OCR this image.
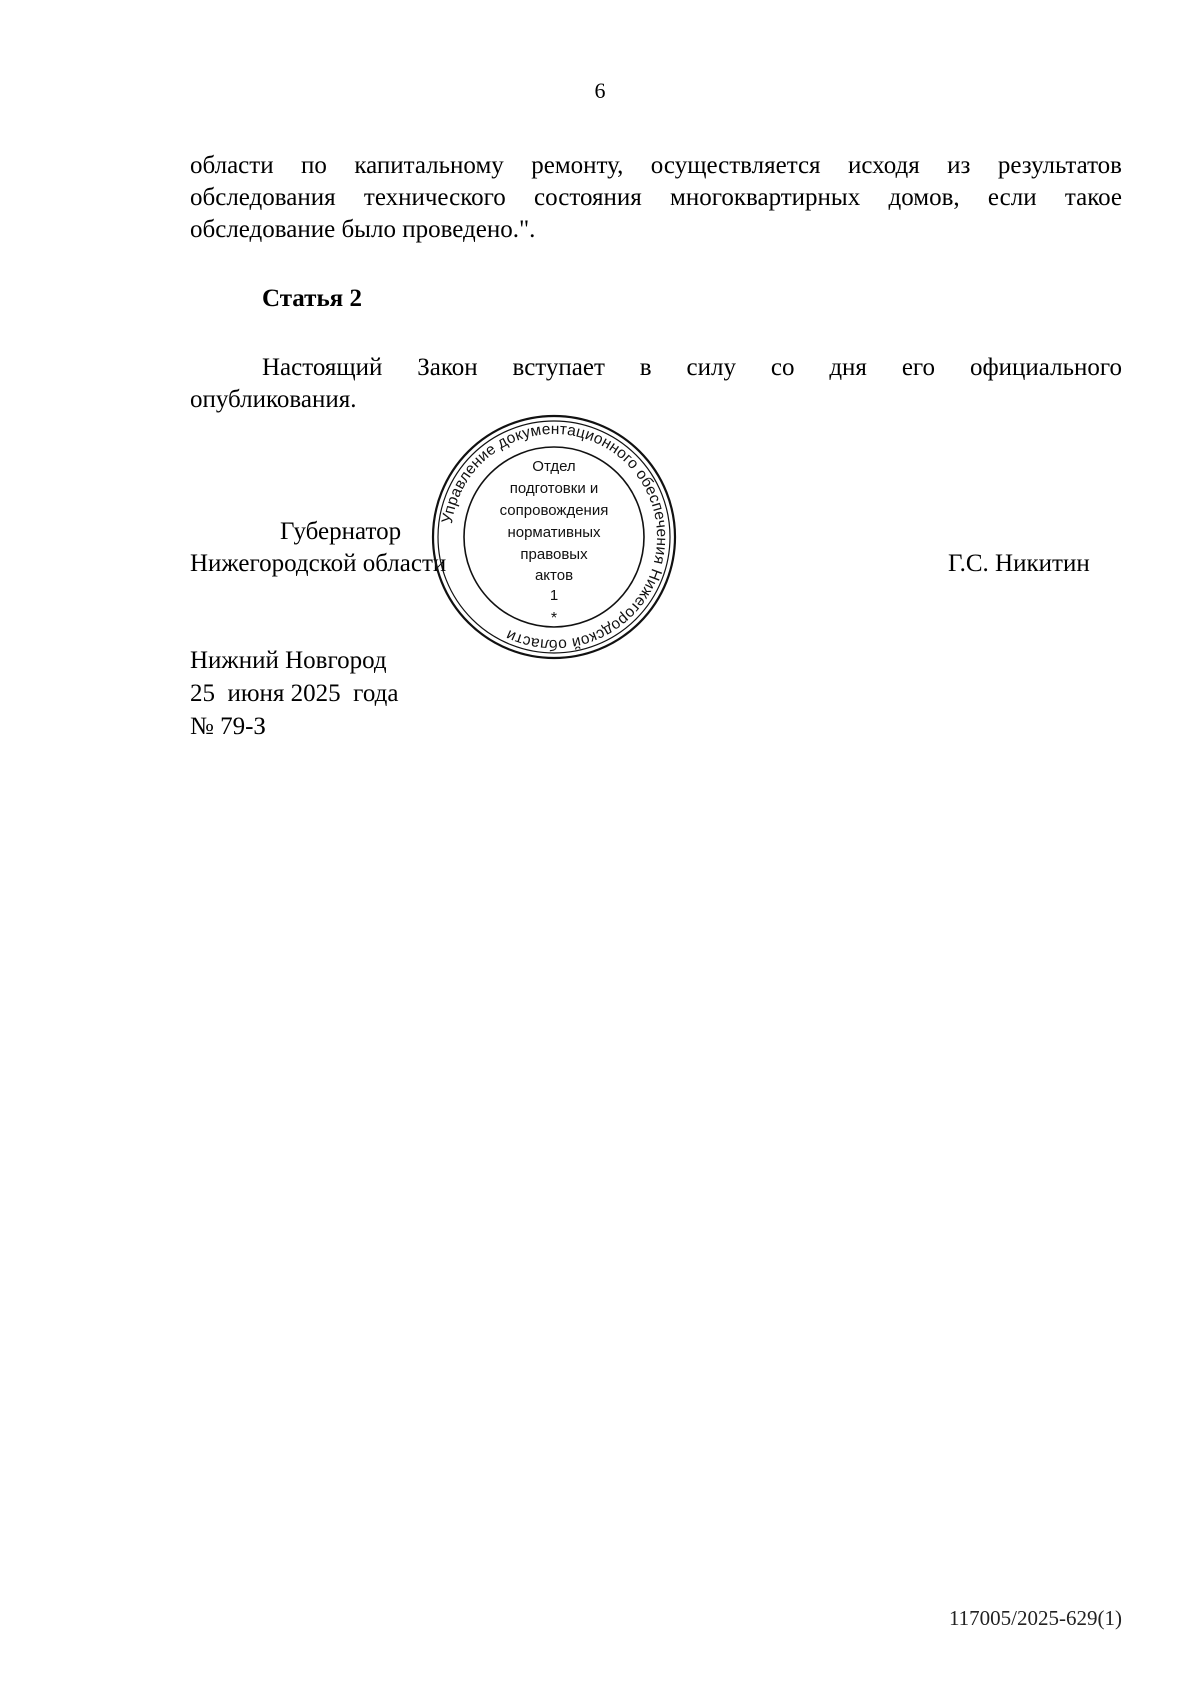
6
области по капитальному ремонту, осуществляется исходя из результатов
обследования технического состояния многоквартирных домов, если такое
обследование было проведено.".
Статья 2
Настоящий Закон вступает в силу со дня его официального
опубликования.
Губернатор
Нижегородской области	Г.С. Никитин
Управление документационного обеспечения Нижегородской области
Отдел
подготовки и
сопровождения
нормативных
правовых
актов
1
*
Нижний Новгород
25  июня 2025  года
№ 79-З
117005/2025-629(1)
